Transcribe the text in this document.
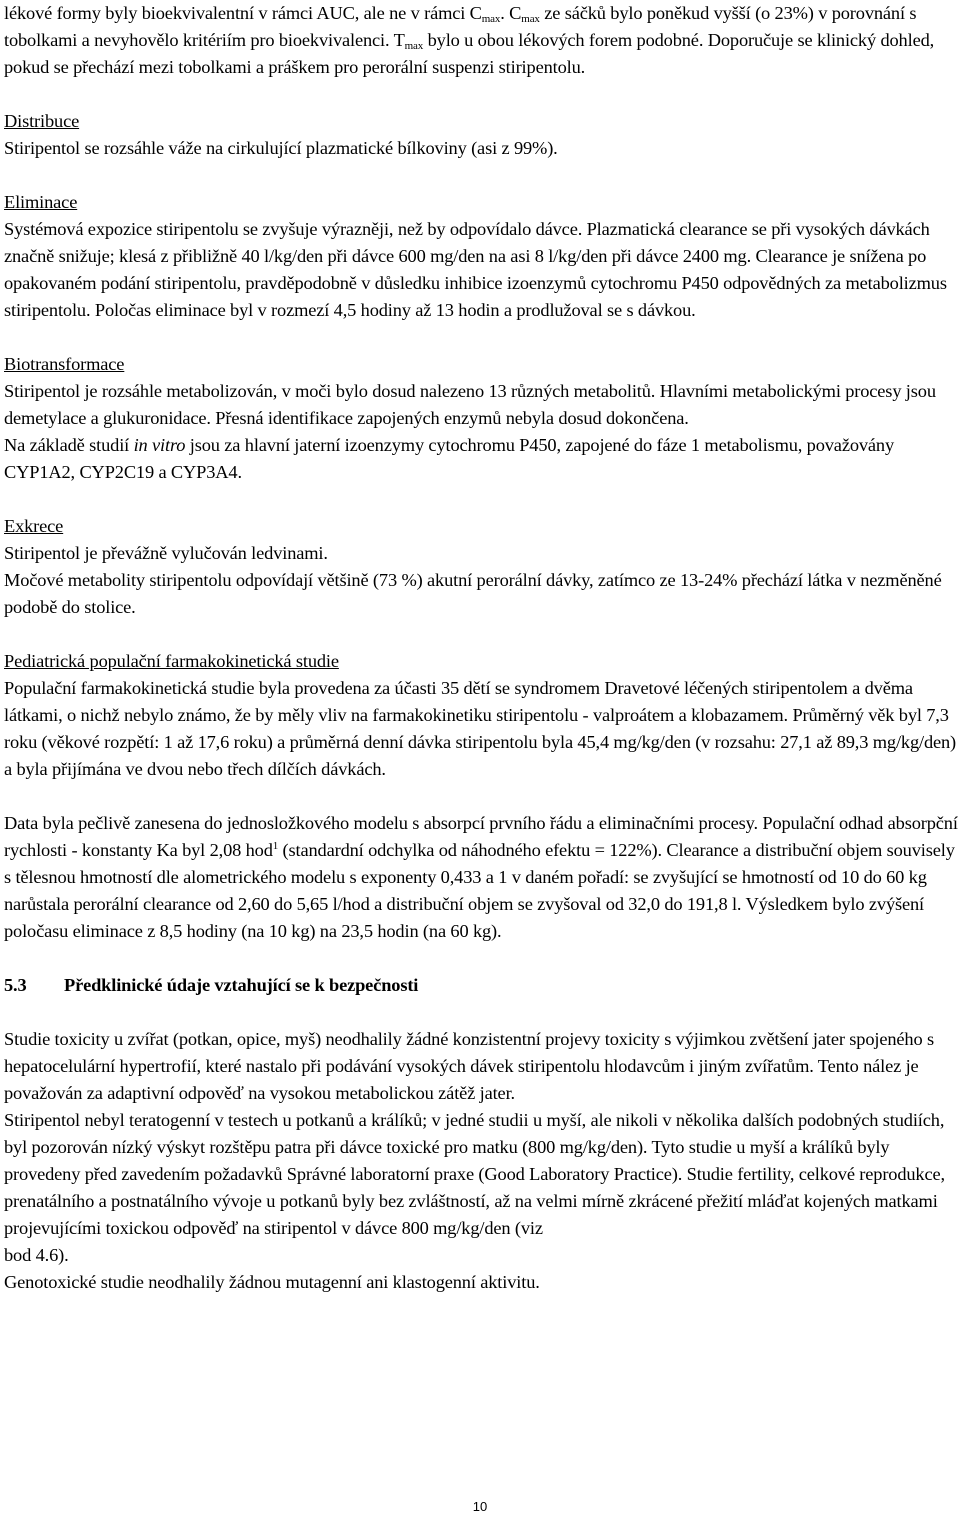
lékové formy byly bioekvivalentní v rámci AUC, ale ne v rámci $C_{max}$. $C_{max}$ ze sáčků bylo poněkud vyšší (o 23%) v porovnání s tobolkami a nevyhovělo kritériím pro bioekvivalenci. $T_{max}$ bylo u obou lékových forem podobné. Doporučuje se klinický dohled, pokud se přechází mezi tobolkami a práškem pro perorální suspenzi stiripentolu.

Distribuce

Stiripentol se rozsáhle váže na cirkulující plazmatické bílkoviny (asi z 99%).

Eliminace

Systémová expozice stiripentolu se zvyšuje výrazněji, než by odpovídalo dávce. Plazmatická clearance se při vysokých dávkách značně snižuje; klesá z přibližně 40 l/kg/den při dávce 600 mg/den na asi 8 l/kg/den při dávce 2400 mg. Clearance je snížena po opakovaném podání stiripentolu, pravděpodobně v důsledku inhibice izoenzymů cytochromu P450 odpovědných za metabolizmus stiripentolu. Poločas eliminace byl v rozmezí 4,5 hodiny až 13 hodin a prodlužoval se s dávkou.

Biotransformace

Stiripentol je rozsáhle metabolizován, v moči bylo dosud nalezeno 13 různých metabolitů. Hlavními metabolickými procesy jsou demetylace a glukuronidace. Přesná identifikace zapojených enzymů nebyla dosud dokončena.

Na základě studií in vitro jsou za hlavní jaterní izoenzymy cytochromu P450, zapojené do fáze 1 metabolismu, považovány CYP1A2, CYP2C19 a CYP3A4.

Exkrece

Stiripentol je převážně vylučován ledvinami.

Močové metabolity stiripentolu odpovídají většině (73 %) akutní perorální dávky, zatímco ze 13-24% přechází látka v nezměněné podobě do stolice.

Pediatrická populační farmakokinetická studie

Populační farmakokinetická studie byla provedena za účasti 35 dětí se syndromem Dravetové léčených stiripentolem a dvěma látkami, o nichž nebylo známo, že by měly vliv na farmakokinetiku stiripentolu - valproátem a klobazamem. Průměrný věk byl 7,3 roku (věkové rozpětí: 1 až 17,6 roku) a průměrná denní dávka stiripentolu byla 45,4 mg/kg/den (v rozsahu: 27,1 až 89,3 mg/kg/den) a byla přijímána ve dvou nebo třech dílčích dávkách.

Data byla pečlivě zanesena do jednosložkového modelu s absorpcí prvního řádu a eliminačními procesy. Populační odhad absorpční rychlosti - konstanty Ka byl 2,08 hod$^1$ (standardní odchylka od náhodného efektu = 122%). Clearance a distribuční objem souvisely s tělesnou hmotností dle alometrického modelu s exponenty 0,433 a 1 v daném pořadí: se zvyšující se hmotností od 10 do 60 kg narůstala perorální clearance od 2,60 do 5,65 l/hod a distribuční objem se zvyšoval od 32,0 do 191,8 l. Výsledkem bylo zvýšení poločasu eliminace z 8,5 hodiny (na 10 kg) na 23,5 hodin (na 60 kg).

5.3 Předklinické údaje vztahující se k bezpečnosti

Studie toxicity u zvířat (potkan, opice, myš) neodhalily žádné konzistentní projevy toxicity s výjimkou zvětšení jater spojeného s hepatocelulární hypertrofií, které nastalo při podávání vysokých dávek stiripentolu hlodavcům i jiným zvířatům. Tento nález je považován za adaptivní odpověď na vysokou metabolickou zátěž jater.

Stiripentol nebyl teratogenní v testech u potkanů a králíků; v jedné studii u myší, ale nikoli v několika dalších podobných studiích, byl pozorován nízký výskyt rozštěpu patra při dávce toxické pro matku (800 mg/kg/den). Tyto studie u myší a králíků byly provedeny před zavedením požadavků Správné laboratorní praxe (Good Laboratory Practice). Studie fertility, celkové reprodukce, prenatálního a postnatálního vývoje u potkanů byly bez zvláštností, až na velmi mírně zkrácené přežití mláďat kojených matkami projevujícími toxickou odpověď na stiripentol v dávce 800 mg/kg/den (viz

bod 4.6).

Genotoxické studie neodhalily žádnou mutagenní ani klastogenní aktivitu.

10
